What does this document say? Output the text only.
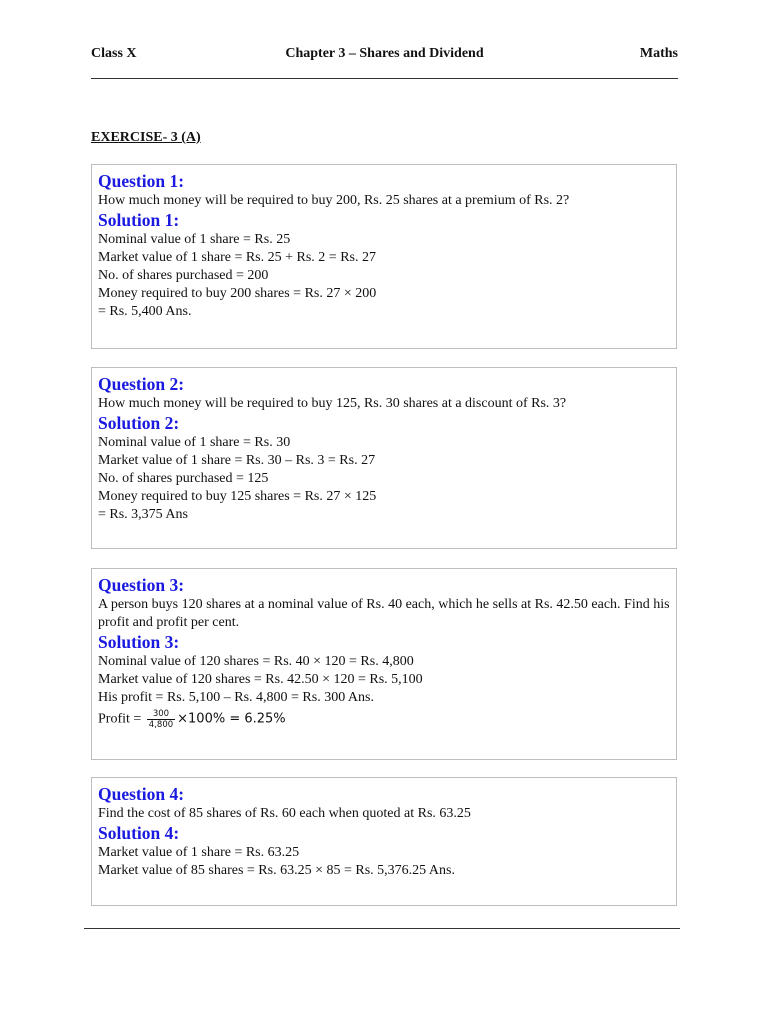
Class X	Chapter 3 – Shares and Dividend	Maths
EXERCISE- 3 (A)
Question 1:
How much money will be required to buy 200, Rs. 25 shares at a premium of Rs. 2?
Solution 1:
Nominal value of 1 share = Rs. 25
Market value of 1 share = Rs. 25 + Rs. 2 = Rs. 27
No. of shares purchased = 200
Money required to buy 200 shares = Rs. 27 × 200
= Rs. 5,400 Ans.
Question 2:
How much money will be required to buy 125, Rs. 30 shares at a discount of Rs. 3?
Solution 2:
Nominal value of 1 share = Rs. 30
Market value of 1 share = Rs. 30 – Rs. 3 = Rs. 27
No. of shares purchased = 125
Money required to buy 125 shares = Rs. 27 × 125
= Rs. 3,375 Ans
Question 3:
A person buys 120 shares at a nominal value of Rs. 40 each, which he sells at Rs. 42.50 each. Find his profit and profit per cent.
Solution 3:
Nominal value of 120 shares = Rs. 40 × 120 = Rs. 4,800
Market value of 120 shares = Rs. 42.50 × 120 = Rs. 5,100
His profit = Rs. 5,100 – Rs. 4,800 = Rs. 300 Ans.
Profit = $\frac{300}{4,800} \times 100\% = 6.25\%$
Question 4:
Find the cost of 85 shares of Rs. 60 each when quoted at Rs. 63.25
Solution 4:
Market value of 1 share = Rs. 63.25
Market value of 85 shares = Rs. 63.25 × 85 = Rs. 5,376.25 Ans.
